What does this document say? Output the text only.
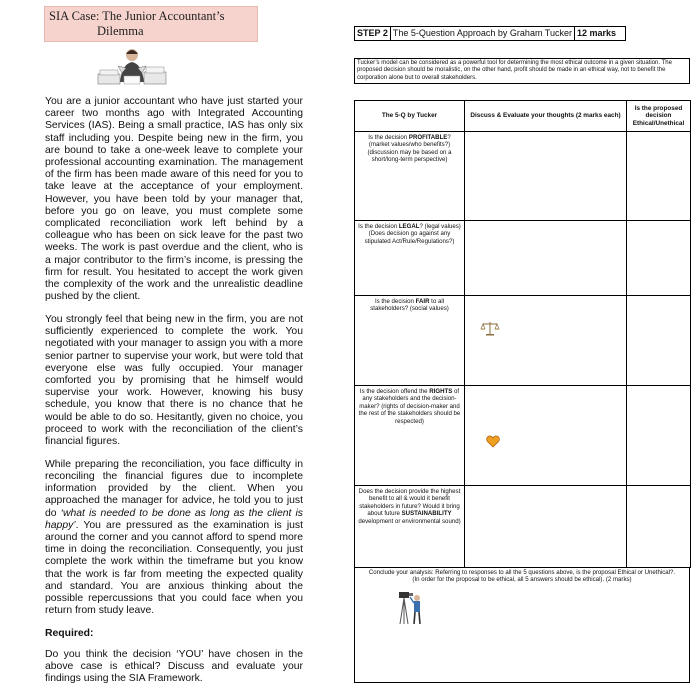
SIA Case: The Junior Accountant’s
Dilemma

You are a junior accountant who have just started your career two months ago with Integrated Accounting Services (IAS). Being a small practice, IAS has only six staff including you. Despite being new in the firm, you are bound to take a one-week leave to complete your professional accounting examination. The management of the firm has been made aware of this need for you to take leave at the acceptance of your employment. However, you have been told by your manager that, before you go on leave, you must complete some complicated reconciliation work left behind by a colleague who has been on sick leave for the past two weeks. The work is past overdue and the client, who is a major contributor to the firm’s income, is pressing the firm for result. You hesitated to accept the work given the complexity of the work and the unrealistic deadline pushed by the client.

You strongly feel that being new in the firm, you are not sufficiently experienced to complete the work. You negotiated with your manager to assign you with a more senior partner to supervise your work, but were told that everyone else was fully occupied. Your manager comforted you by promising that he himself would supervise your work. However, knowing his busy schedule, you know that there is no chance that he would be able to do so. Hesitantly, given no choice, you proceed to work with the reconciliation of the client’s financial figures.

While preparing the reconciliation, you face difficulty in reconciling the financial figures due to incomplete information provided by the client. When you approached the manager for advice, he told you to just do ‘what is needed to be done as long as the client is happy’. You are pressured as the examination is just around the corner and you cannot afford to spend more time in doing the reconciliation. Consequently, you just complete the work within the timeframe but you know that the work is far from meeting the expected quality and standard. You are anxious thinking about the possible repercussions that you could face when you return from study leave.

Required:

Do you think the decision ‘YOU’ have chosen in the above case is ethical? Discuss and evaluate your findings using the SIA Framework.

STEP 2 The 5-Question Approach by Graham Tucker 12 marks
Tucker’s model can be considered as a powerful tool for determining the most ethical outcome in a given situation. The proposed decision should be moralistic, on the other hand, profit should be made in an ethical way, not to benefit the corporation alone but to overall stakeholders.
The 5-Q by Tucker	Discuss & Evaluate your thoughts (2 marks each)	Is the proposed decision Ethical/Unethical
Is the decision PROFITABLE? (market values/who benefits?) (discussion may be based on a short/long-term perspective)		
Is the decision LEGAL? (legal values) (Does decision go against any stipulated Act/Rule/Regulations?)		
Is the decision FAIR to all stakeholders? (social values)		
Is the decision offend the RIGHTS of any stakeholders and the decision-maker? (rights of decision-maker and the rest of the stakeholders should be respected)		
Does the decision provide the highest benefit to all & would it benefit stakeholders in future? Would it bring about future SUSTAINABILITY development or environmental sound)		
Conclude your analysis: Referring to responses to all the 5 questions above, is the proposal Ethical or Unethical?.
(In order for the proposal to be ethical, all 5 answers should be ethical). (2 marks)
